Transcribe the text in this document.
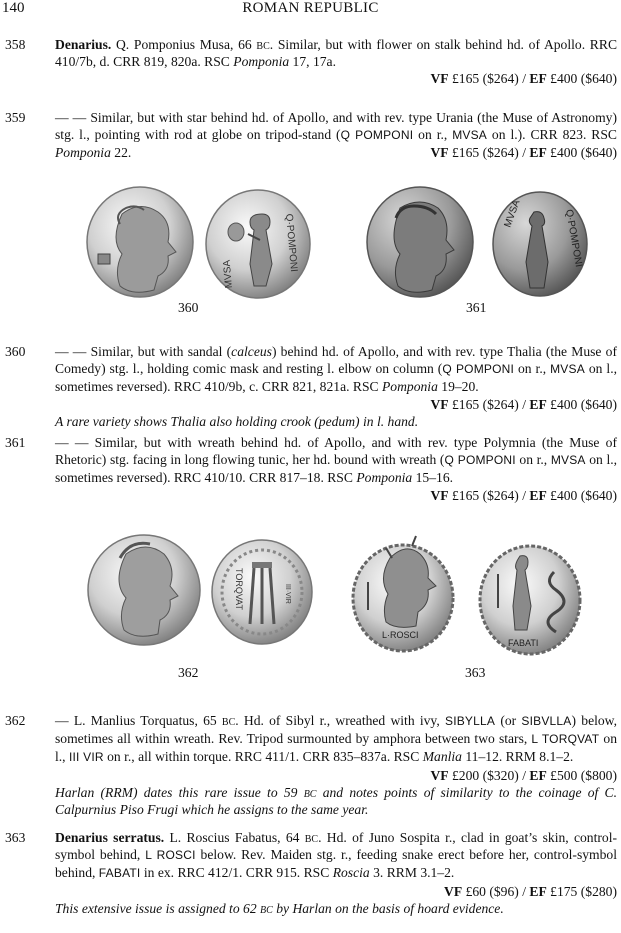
140	ROMAN REPUBLIC
358 Denarius. Q. Pomponius Musa, 66 bc. Similar, but with flower on stalk behind hd. of Apollo. RRC 410/7b, d. CRR 819, 820a. RSC Pomponia 17, 17a.
VF £165 ($264) / EF £400 ($640)
359 — — Similar, but with star behind hd. of Apollo, and with rev. type Urania (the Muse of Astronomy) stg. l., pointing with rod at globe on tripod-stand (Q POMPONI on r., MVSA on l.). CRR 823. RSC Pomponia 22.	VF £165 ($264) / EF £400 ($640)
Q·POMPONI
MVSA
Q·POMPONI
MVSA
360	361
360 — — Similar, but with sandal (calceus) behind hd. of Apollo, and with rev. type Thalia (the Muse of Comedy) stg. l., holding comic mask and resting l. elbow on column (Q POMPONI on r., MVSA on l., sometimes reversed). RRC 410/9b, c. CRR 821, 821a. RSC Pomponia 19–20.
VF £165 ($264) / EF £400 ($640)
A rare variety shows Thalia also holding crook (pedum) in l. hand.
361 — — Similar, but with wreath behind hd. of Apollo, and with rev. type Polymnia (the Muse of Rhetoric) stg. facing in long flowing tunic, her hd. bound with wreath (Q POMPONI on r., MVSA on l., sometimes reversed). RRC 410/10. CRR 817–18. RSC Pomponia 15–16.
VF £165 ($264) / EF £400 ($640)
TORQVAT	III·VIR
L·ROSCI
FABATI
362	363
362 — L. Manlius Torquatus, 65 bc. Hd. of Sibyl r., wreathed with ivy, SIBYLLA (or SIBVLLA) below, sometimes all within wreath. Rev. Tripod surmounted by amphora between two stars, L TORQVAT on l., III VIR on r., all within torque. RRC 411/1. CRR 835–837a. RSC Manlia 11–12. RRM 8.1–2.
VF £200 ($320) / EF £500 ($800)
Harlan (RRM) dates this rare issue to 59 bc and notes points of similarity to the coinage of C. Calpurnius Piso Frugi which he assigns to the same year.
363 Denarius serratus. L. Roscius Fabatus, 64 bc. Hd. of Juno Sospita r., clad in goat’s skin, control-symbol behind, L ROSCI below. Rev. Maiden stg. r., feeding snake erect before her, control-symbol behind, FABATI in ex. RRC 412/1. CRR 915. RSC Roscia 3. RRM 3.1–2.
VF £60 ($96) / EF £175 ($280)
This extensive issue is assigned to 62 bc by Harlan on the basis of hoard evidence.
